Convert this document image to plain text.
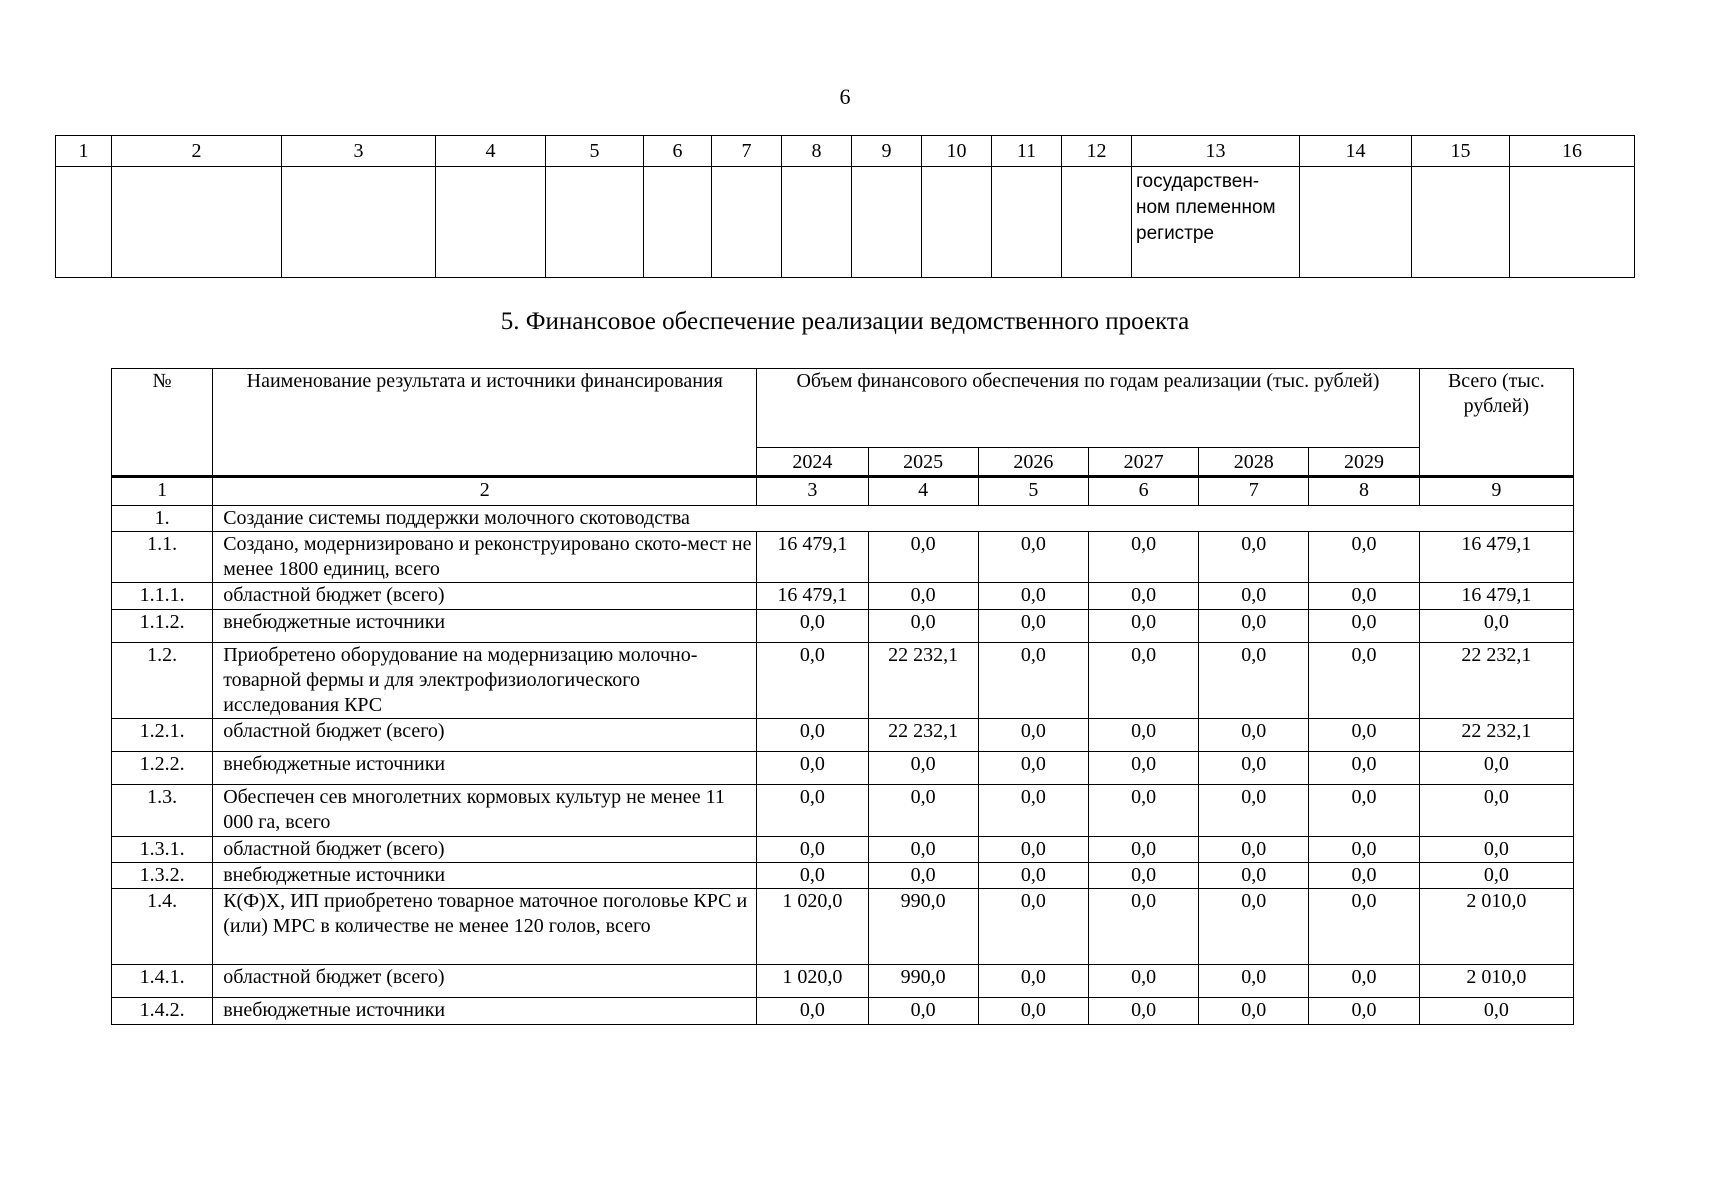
6
1	2	3	4	5	6	7	8	9	10	11	12	13	14	15	16
												государствен-
ном племенном
регистре			
5. Финансовое обеспечение реализации ведомственного проекта
№	Наименование результата и источники финансирования	Объем финансового обеспечения по годам реализации (тыс. рублей)						Всего (тыс. рублей)
		2024	2025	2026	2027	2028	2029	
1	2	3	4	5	6	7	8	9
1.	Создание системы поддержки молочного скотоводства							
1.1.	Создано, модернизировано и реконструировано ското-мест не менее 1800 единиц, всего	16 479,1	0,0	0,0	0,0	0,0	0,0	16 479,1
1.1.1.	областной бюджет (всего)	16 479,1	0,0	0,0	0,0	0,0	0,0	16 479,1
1.1.2.	внебюджетные источники	0,0	0,0	0,0	0,0	0,0	0,0	0,0
1.2.	Приобретено оборудование на модернизацию молочно-товарной фермы и для электрофизиологического исследования КРС	0,0	22 232,1	0,0	0,0	0,0	0,0	22 232,1
1.2.1.	областной бюджет (всего)	0,0	22 232,1	0,0	0,0	0,0	0,0	22 232,1
1.2.2.	внебюджетные источники	0,0	0,0	0,0	0,0	0,0	0,0	0,0
1.3.	Обеспечен сев многолетних кормовых культур не менее 11 000 га, всего	0,0	0,0	0,0	0,0	0,0	0,0	0,0
1.3.1.	областной бюджет (всего)	0,0	0,0	0,0	0,0	0,0	0,0	0,0
1.3.2.	внебюджетные источники	0,0	0,0	0,0	0,0	0,0	0,0	0,0
1.4.	К(Ф)Х, ИП приобретено товарное маточное поголовье КРС и (или) МРС в количестве не менее 120 голов, всего	1 020,0	990,0	0,0	0,0	0,0	0,0	2 010,0
1.4.1.	областной бюджет (всего)	1 020,0	990,0	0,0	0,0	0,0	0,0	2 010,0
1.4.2.	внебюджетные источники	0,0	0,0	0,0	0,0	0,0	0,0	0,0
